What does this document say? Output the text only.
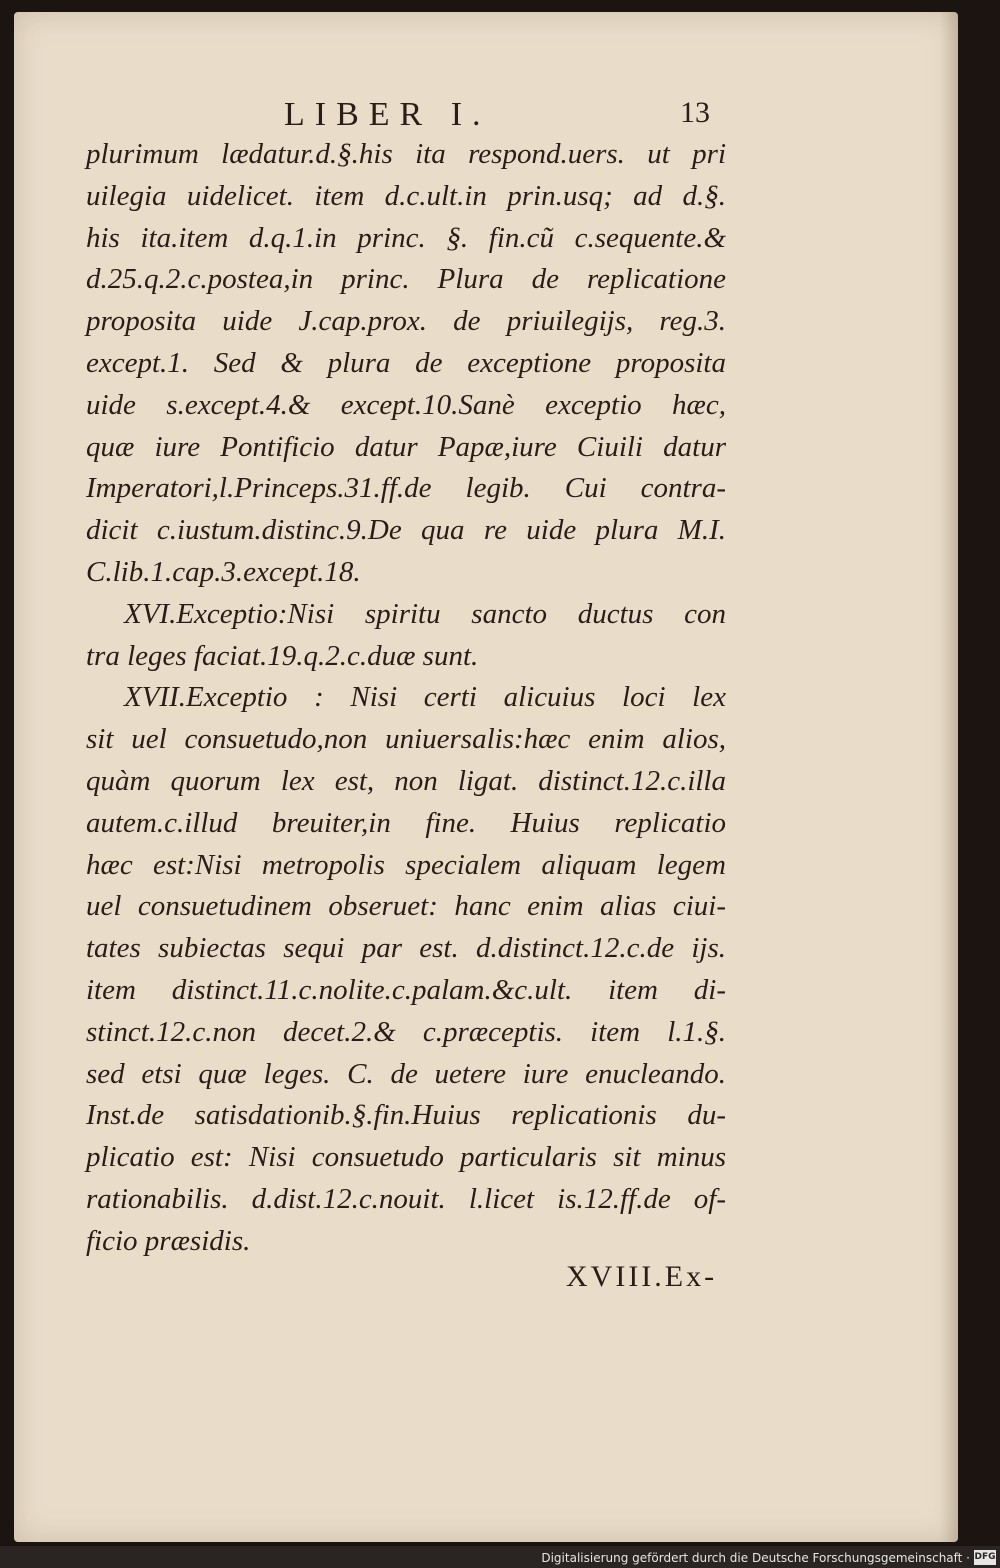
LIBER I.	13
plurimum lædatur.d.§.his ita respond.uers. ut pri
uilegia uidelicet. item d.c.ult.in prin.usq; ad d.§.
his ita.item d.q.1.in princ. §. fin.cũ c.sequente.&
d.25.q.2.c.postea,in princ. Plura de replicatione
proposita uide J.cap.prox. de priuilegijs, reg.3.
except.1. Sed & plura de exceptione proposita
uide s.except.4.& except.10.Sanè exceptio hæc,
quæ iure Pontificio datur Papæ,iure Ciuili datur
Imperatori,l.Princeps.31.ff.de legib. Cui contra-
dicit c.iustum.distinc.9.De qua re uide plura M.I.
C.lib.1.cap.3.except.18.
XVI.Exceptio:Nisi spiritu sancto ductus con
tra leges faciat.19.q.2.c.duæ sunt.
XVII.Exceptio : Nisi certi alicuius loci lex
sit uel consuetudo,non uniuersalis:hæc enim alios,
quàm quorum lex est, non ligat. distinct.12.c.illa
autem.c.illud breuiter,in fine. Huius replicatio
hæc est:Nisi metropolis specialem aliquam legem
uel consuetudinem obseruet: hanc enim alias ciui-
tates subiectas sequi par est. d.distinct.12.c.de ijs.
item distinct.11.c.nolite.c.palam.&c.ult. item di-
stinct.12.c.non decet.2.& c.præceptis. item l.1.§.
sed etsi quæ leges. C. de uetere iure enucleando.
Inst.de satisdationib.§.fin.Huius replicationis du-
plicatio est: Nisi consuetudo particularis sit minus
rationabilis. d.dist.12.c.nouit. l.licet is.12.ff.de of-
ficio præsidis.
XVIII.Ex-
Digitalisierung gefördert durch die Deutsche Forschungsgemeinschaft · DFG
